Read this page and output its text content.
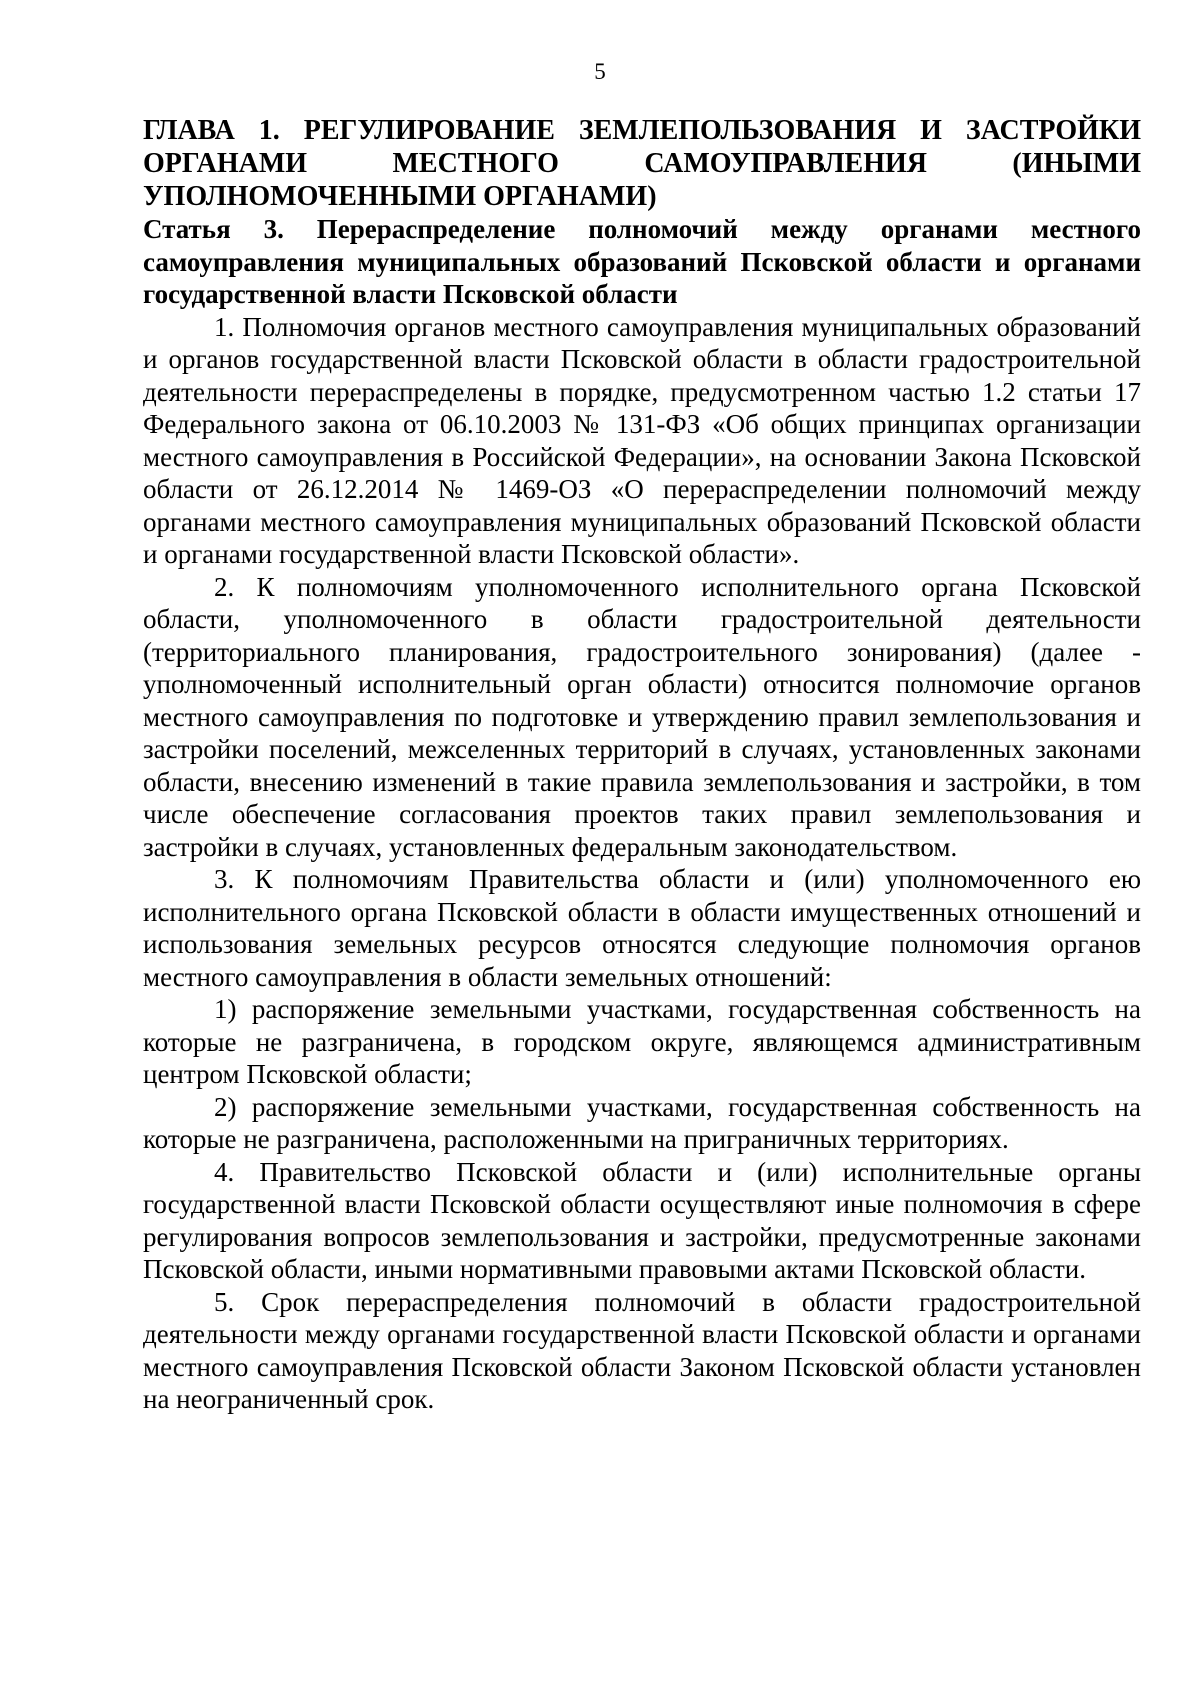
5
ГЛАВА 1. РЕГУЛИРОВАНИЕ ЗЕМЛЕПОЛЬЗОВАНИЯ И ЗАСТРОЙКИ ОРГАНАМИ МЕСТНОГО САМОУПРАВЛЕНИЯ (ИНЫМИ УПОЛНОМОЧЕННЫМИ ОРГАНАМИ)
Статья 3. Перераспределение полномочий между органами местного самоуправления муниципальных образований Псковской области и органами государственной власти Псковской области

1. Полномочия органов местного самоуправления муниципальных образований и органов государственной власти Псковской области в области градостроительной деятельности перераспределены в порядке, предусмотренном частью 1.2 статьи 17 Федерального закона от 06.10.2003 № 131-ФЗ «Об общих принципах организации местного самоуправления в Российской Федерации», на основании Закона Псковской области от 26.12.2014 № 1469-ОЗ «О перераспределении полномочий между органами местного самоуправления муниципальных образований Псковской области и органами государственной власти Псковской области».

2. К полномочиям уполномоченного исполнительного органа Псковской области, уполномоченного в области градостроительной деятельности (территориального планирования, градостроительного зонирования) (далее - уполномоченный исполнительный орган области) относится полномочие органов местного самоуправления по подготовке и утверждению правил землепользования и застройки поселений, межселенных территорий в случаях, установленных законами области, внесению изменений в такие правила землепользования и застройки, в том числе обеспечение согласования проектов таких правил землепользования и застройки в случаях, установленных федеральным законодательством.

3. К полномочиям Правительства области и (или) уполномоченного ею исполнительного органа Псковской области в области имущественных отношений и использования земельных ресурсов относятся следующие полномочия органов местного самоуправления в области земельных отношений:

1) распоряжение земельными участками, государственная собственность на которые не разграничена, в городском округе, являющемся административным центром Псковской области;

2) распоряжение земельными участками, государственная собственность на которые не разграничена, расположенными на приграничных территориях.

4. Правительство Псковской области и (или) исполнительные органы государственной власти Псковской области осуществляют иные полномочия в сфере регулирования вопросов землепользования и застройки, предусмотренные законами Псковской области, иными нормативными правовыми актами Псковской области.

5. Срок перераспределения полномочий в области градостроительной деятельности между органами государственной власти Псковской области и органами местного самоуправления Псковской области Законом Псковской области установлен на неограниченный срок.
